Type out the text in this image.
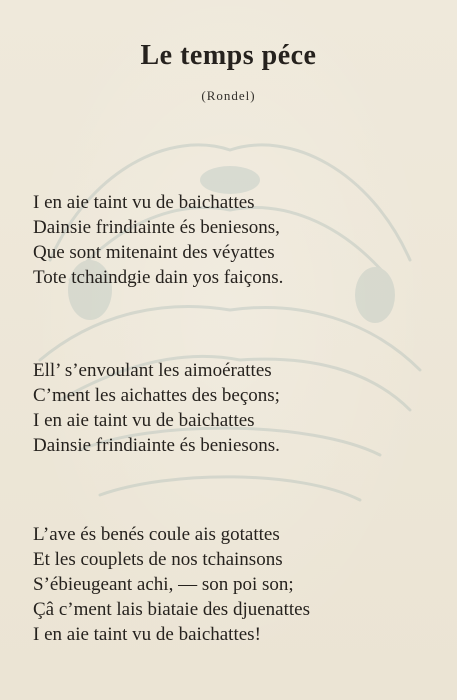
Le temps péce
(Rondel)
I en aie taint vu de baichattes
Dainsie frindiainte és beniesons,
Que sont mitenaint des véyattes
Tote tchaindgie dain yos faiçons.
Ell’ s’envoulant les aimoérattes
C’ment les aichattes des beçons;
I en aie taint vu de baichattes
Dainsie frindiainte és beniesons.
L’ave és benés coule ais gotattes
Et les couplets de nos tchainsons
S’ébieugeant achi, — son poi son;
Çâ c’ment lais biataie des djuenattes
I en aie taint vu de baichattes!
